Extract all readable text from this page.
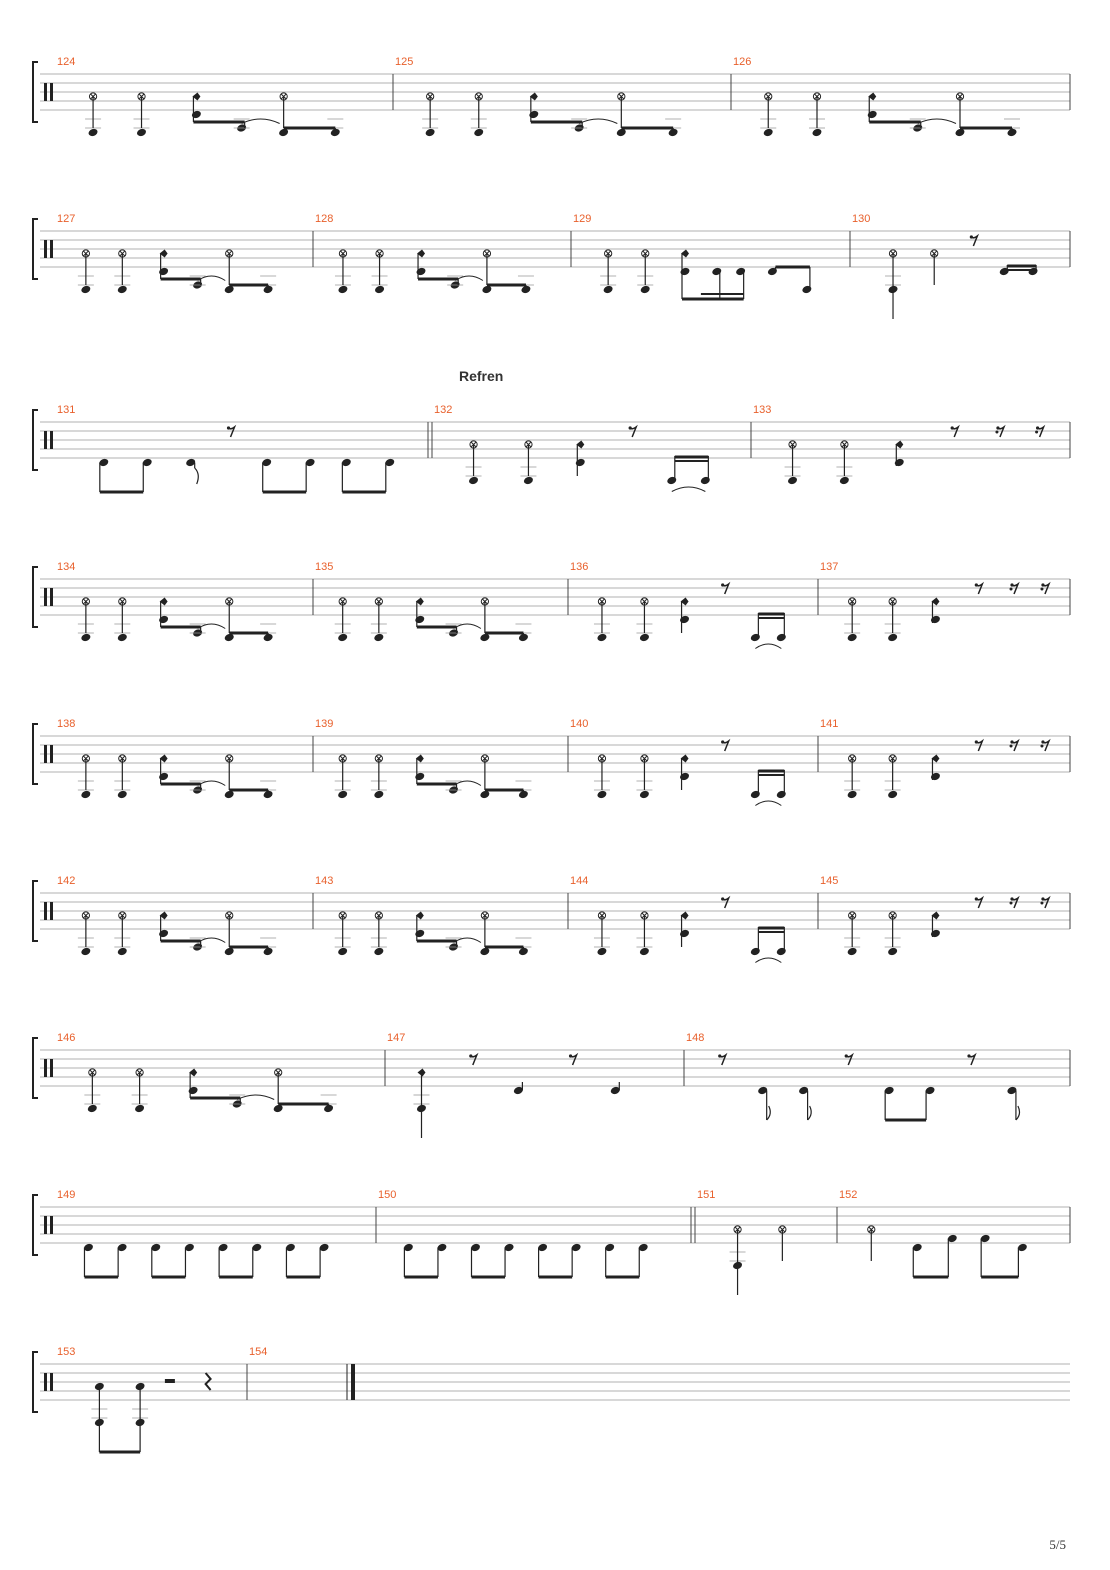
124	125	126
127	128	129	130
131	132	133
Refren
134	135	136	137
138	139	140	141
142	143	144	145
146	147	148
149	150	151	152
153	154
5/5
